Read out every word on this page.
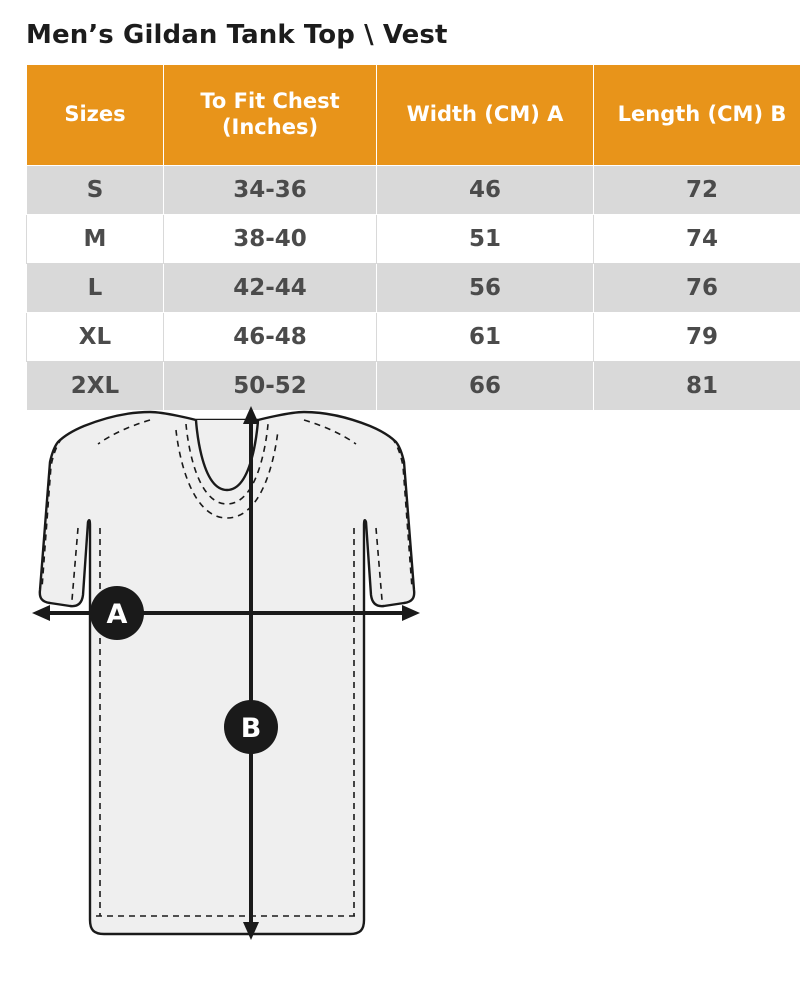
Men’s Gildan Tank Top \ Vest
Sizes	To Fit Chest (Inches)	Width (CM) A	Length (CM) B
S	34-36	46	72
M	38-40	51	74
L	42-44	56	76
XL	46-48	61	79
2XL	50-52	66	81
A
B
